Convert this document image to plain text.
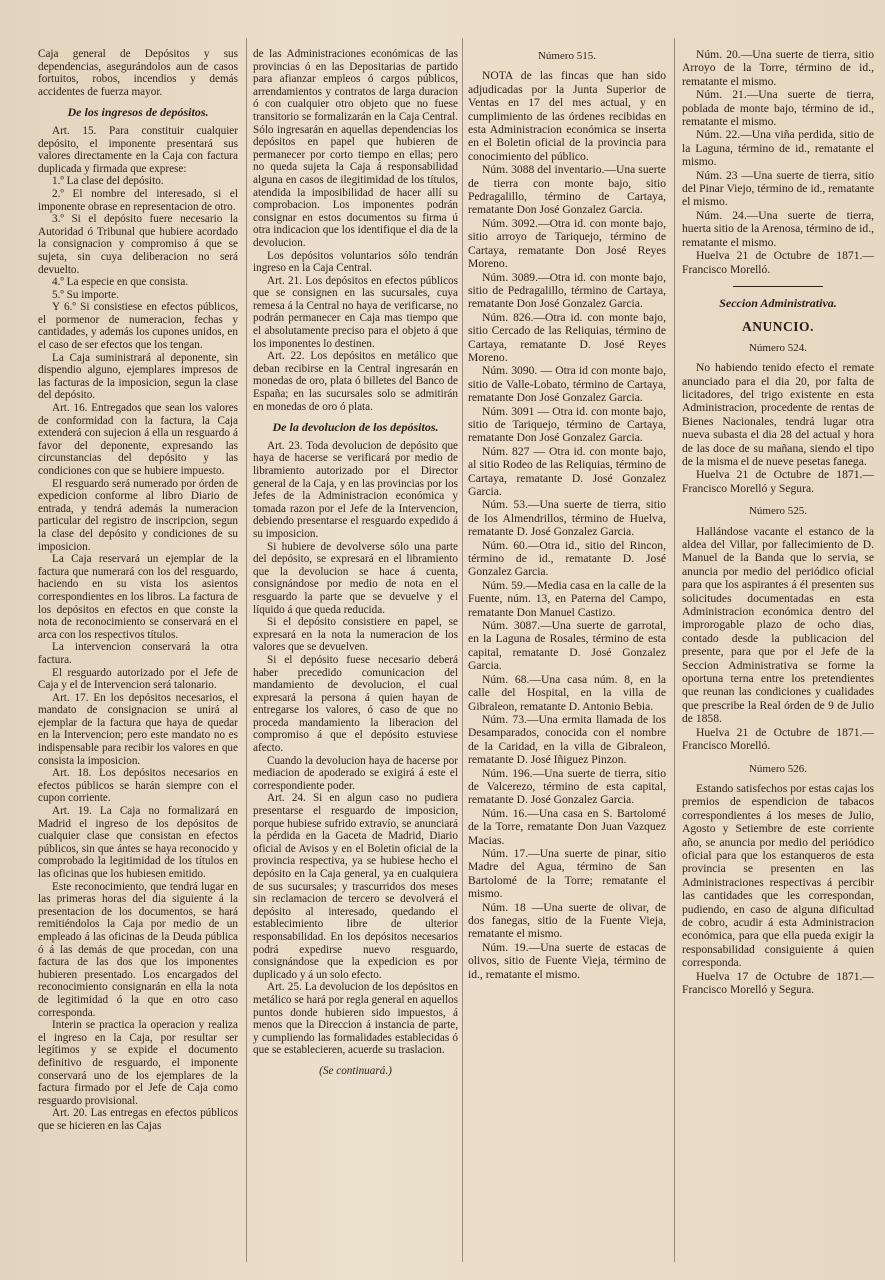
Caja general de Depósitos y sus dependencias, asegurándolos aun de casos fortuitos, robos, incendios y demás accidentes de fuerza mayor.

De los ingresos de depósitos.

Art. 15. Para constituir cualquier depósito, el imponente presentará sus valores directamente en la Caja con factura duplicada y firmada que exprese:

1.º La clase del depósito.

2.º El nombre del interesado, si el imponente obrase en representacion de otro.

3.º Si el depósito fuere necesario la Autoridad ó Tribunal que hubiere acordado la consignacion y compromiso á que se sujeta, sin cuya deliberacion no será devuelto.

4.º La especie en que consista.

5.º Su importe.

Y 6.º Si consistiese en efectos públicos, el pormenor de numeracion, fechas y cantidades, y además los cupones unidos, en el caso de ser efectos que los tengan.

La Caja suministrará al deponente, sin dispendio alguno, ejemplares impresos de las facturas de la imposicion, segun la clase del depósito.

Art. 16. Entregados que sean los valores de conformidad con la factura, la Caja extenderá con sujecion á ella un resguardo á favor del deponente, expresando las circunstancias del depósito y las condiciones con que se hubiere impuesto.

El resguardo será numerado por órden de expedicion conforme al libro Diario de entrada, y tendrá además la numeracion particular del registro de inscripcion, segun la clase del depósito y condiciones de su imposicion.

La Caja reservará un ejemplar de la factura que numerará con los del resguardo, haciendo en su vista los asientos correspondientes en los libros. La factura de los depósitos en efectos en que conste la nota de reconocimiento se conservará en el arca con los respectivos títulos.

La intervencion conservará la otra factura.

El resguardo autorizado por el Jefe de Caja y el de Intervencion será talonario.

Art. 17. En los depósitos necesarios, el mandato de consignacion se unirá al ejemplar de la factura que haya de quedar en la Intervencion; pero este mandato no es indispensable para recibir los valores en que consista la imposicion.

Art. 18. Los depósitos necesarios en efectos públicos se harán siempre con el cupon corriente.

Art. 19. La Caja no formalizará en Madrid el ingreso de los depósitos de cualquier clase que consistan en efectos públicos, sin que ántes se haya reconocido y comprobado la legitimidad de los títulos en las oficinas que los hubiesen emitido.

Este reconocimiento, que tendrá lugar en las primeras horas del dia siguiente á la presentacion de los documentos, se hará remitiéndolos la Caja por medio de un empleado á las oficinas de la Deuda pública ó á las demás de que procedan, con una factura de las dos que los imponentes hubieren presentado. Los encargados del reconocimiento consignarán en ella la nota de legitimidad ó la que en otro caso corresponda.

Interin se practica la operacion y realiza el ingreso en la Caja, por resultar ser legítimos y se expide el documento definitivo de resguardo, el imponente conservará uno de los ejemplares de la factura firmado por el Jefe de Caja como resguardo provisional.

Art. 20. Las entregas en efectos públicos que se hicieren en las Cajas

de las Administraciones económicas de las provincias ó en las Depositarias de partido para afianzar empleos ó cargos públicos, arrendamientos y contratos de larga duracion ó con cualquier otro objeto que no fuese transitorio se formalizarán en la Caja Central. Sólo ingresarán en aquellas dependencias los depósitos en papel que hubieren de permanecer por corto tiempo en ellas; pero no queda sujeta la Caja á responsabilidad alguna en casos de ilegitimidad de los títulos, atendida la imposibilidad de hacer allí su comprobacion. Los imponentes podrán consignar en estos documentos su firma ú otra indicacion que los identifique el dia de la devolucion.

Los depósitos voluntarios sólo tendrán ingreso en la Caja Central.

Art. 21. Los depósitos en efectos públicos que se consignen en las sucursales, cuya remesa á la Central no haya de verificarse, no podrán permanecer en Caja mas tiempo que el absolutamente preciso para el objeto á que los imponentes lo destinen.

Art. 22. Los depósitos en metálico que deban recibirse en la Central ingresarán en monedas de oro, plata ó billetes del Banco de España; en las sucursales solo se admitirán en monedas de oro ó plata.

De la devolucion de los depósitos.

Art. 23. Toda devolucion de depósito que haya de hacerse se verificará por medio de libramiento autorizado por el Director general de la Caja, y en las provincias por los Jefes de la Administracion económica y tomada razon por el Jefe de la Intervencion, debiendo presentarse el resguardo expedido á su imposicion.

Si hubiere de devolverse sólo una parte del depósito, se expresará en el libramiento que la devolucion se hace á cuenta, consignándose por medio de nota en el resguardo la parte que se devuelve y el líquido á que queda reducida.

Si el depósito consistiere en papel, se expresará en la nota la numeracion de los valores que se devuelven.

Si el depósito fuese necesario deberá haber precedido comunicacion del mandamiento de devolucion, el cual expresará la persona á quien hayan de entregarse los valores, ó caso de que no proceda mandamiento la liberacion del compromiso á que el depósito estuviese afecto.

Cuando la devolucion haya de hacerse por mediacion de apoderado se exigirá á este el correspondiente poder.

Art. 24. Si en algun caso no pudiera presentarse el resguardo de imposicion, porque hubiese sufrido extravío, se anunciará la pérdida en la Gaceta de Madrid, Diario oficial de Avisos y en el Boletin oficial de la provincia respectiva, ya se hubiese hecho el depósito en la Caja general, ya en cualquiera de sus sucursales; y trascurridos dos meses sin reclamacion de tercero se devolverá el depósito al interesado, quedando el establecimiento libre de ulterior responsabilidad. En los depósitos necesarios podrá expedirse nuevo resguardo, consignándose que la expedicion es por duplicado y á un solo efecto.

Art. 25. La devolucion de los depósitos en metálico se hará por regla general en aquellos puntos donde hubieren sido impuestos, á menos que la Direccion á instancia de parte, y cumpliendo las formalidades establecidas ó que se establecieren, acuerde su traslacion.

(Se continuará.)

Número 515.

NOTA de las fincas que han sido adjudicadas por la Junta Superior de Ventas en 17 del mes actual, y en cumplimiento de las órdenes recibidas en esta Administracion económica se inserta en el Boletin oficial de la provincia para conocimiento del público.

Núm. 3088 del inventario.—Una suerte de tierra con monte bajo, sitio Pedragalillo, término de Cartaya, rematante Don José Gonzalez Garcia.

Núm. 3092.—Otra id. con monte bajo, sitio arroyo de Tariquejo, término de Cartaya, rematante Don José Reyes Moreno.

Núm. 3089.—Otra id. con monte bajo, sitio de Pedragalillo, término de Cartaya, rematante Don José Gonzalez Garcia.

Núm. 826.—Otra id. con monte bajo, sitio Cercado de las Reliquias, término de Cartaya, rematante D. José Reyes Moreno.

Núm. 3090. — Otra id con monte bajo, sitio de Valle-Lobato, término de Cartaya, rematante Don José Gonzalez Garcia.

Núm. 3091 — Otra id. con monte bajo, sitio de Tariquejo, término de Cartaya, rematante Don José Gonzalez Garcia.

Núm. 827 — Otra id. con monte bajo, al sitio Rodeo de las Reliquias, término de Cartaya, rematante D. José Gonzalez Garcia.

Núm. 53.—Una suerte de tierra, sitio de los Almendrillos, término de Huelva, rematante D. José Gonzalez Garcia.

Núm. 60.—Otra id., sitio del Rincon, término de id., rematante D. José Gonzalez Garcia.

Núm. 59.—Media casa en la calle de la Fuente, núm. 13, en Paterna del Campo, rematante Don Manuel Castizo.

Núm. 3087.—Una suerte de garrotal, en la Laguna de Rosales, término de esta capital, rematante D. José Gonzalez Garcia.

Núm. 68.—Una casa núm. 8, en la calle del Hospital, en la villa de Gibraleon, rematante D. Antonio Bebia.

Núm. 73.—Una ermita llamada de los Desamparados, conocida con el nombre de la Caridad, en la villa de Gibraleon, rematante D. José Iñiguez Pinzon.

Núm. 196.—Una suerte de tierra, sitio de Valcerezo, término de esta capital, rematante D. José Gonzalez Garcia.

Núm. 16.—Una casa en S. Bartolomé de la Torre, rematante Don Juan Vazquez Macias.

Núm. 17.—Una suerte de pinar, sitio Madre del Agua, término de San Bartolomé de la Torre; rematante el mismo.

Núm. 18 —Una suerte de olivar, de dos fanegas, sitio de la Fuente Vieja, rematante el mismo.

Núm. 19.—Una suerte de estacas de olivos, sitio de Fuente Vieja, término de id., rematante el mismo.

Núm. 20.—Una suerte de tierra, sitio Arroyo de la Torre, término de id., rematante el mismo.

Núm. 21.—Una suerte de tierra, poblada de monte bajo, término de id., rematante el mismo.

Núm. 22.—Una viña perdida, sitio de la Laguna, término de id., rematante el mismo.

Núm. 23 —Una suerte de tierra, sitio del Pinar Viejo, término de id., rematante el mismo.

Núm. 24.—Una suerte de tierra, huerta sitio de la Arenosa, término de id., rematante el mismo.

Huelva 21 de Octubre de 1871.—Francisco Morelló.

Seccion Administrativa.

ANUNCIO.

Número 524.

No habiendo tenido efecto el remate anunciado para el dia 20, por falta de licitadores, del trigo existente en esta Administracion, procedente de rentas de Bienes Nacionales, tendrá lugar otra nueva subasta el dia 28 del actual y hora de las doce de su mañana, siendo el tipo de la misma el de nueve pesetas fanega.

Huelva 21 de Octubre de 1871.—Francisco Morelló y Segura.

Número 525.

Hallándose vacante el estanco de la aldea del Villar, por fallecimiento de D. Manuel de la Banda que lo servia, se anuncia por medio del periódico oficial para que los aspirantes á él presenten sus solicitudes documentadas en esta Administracion económica dentro del improrogable plazo de ocho dias, contado desde la publicacion del presente, para que por el Jefe de la Seccion Administrativa se forme la oportuna terna entre los pretendientes que reunan las condiciones y cualidades que prescribe la Real órden de 9 de Julio de 1858.

Huelva 21 de Octubre de 1871.—Francisco Morelló.

Número 526.

Estando satisfechos por estas cajas los premios de espendicion de tabacos correspondientes á los meses de Julio, Agosto y Setiembre de este corriente año, se anuncia por medio del periódico oficial para que los estanqueros de esta provincia se presenten en las Administraciones respectivas á percibir las cantidades que les correspondan, pudiendo, en caso de alguna dificultad de cobro, acudir á esta Administracion económica, para que ella pueda exigir la responsabilidad consiguiente á quien corresponda.

Huelva 17 de Octubre de 1871.—Francisco Morelló y Segura.
